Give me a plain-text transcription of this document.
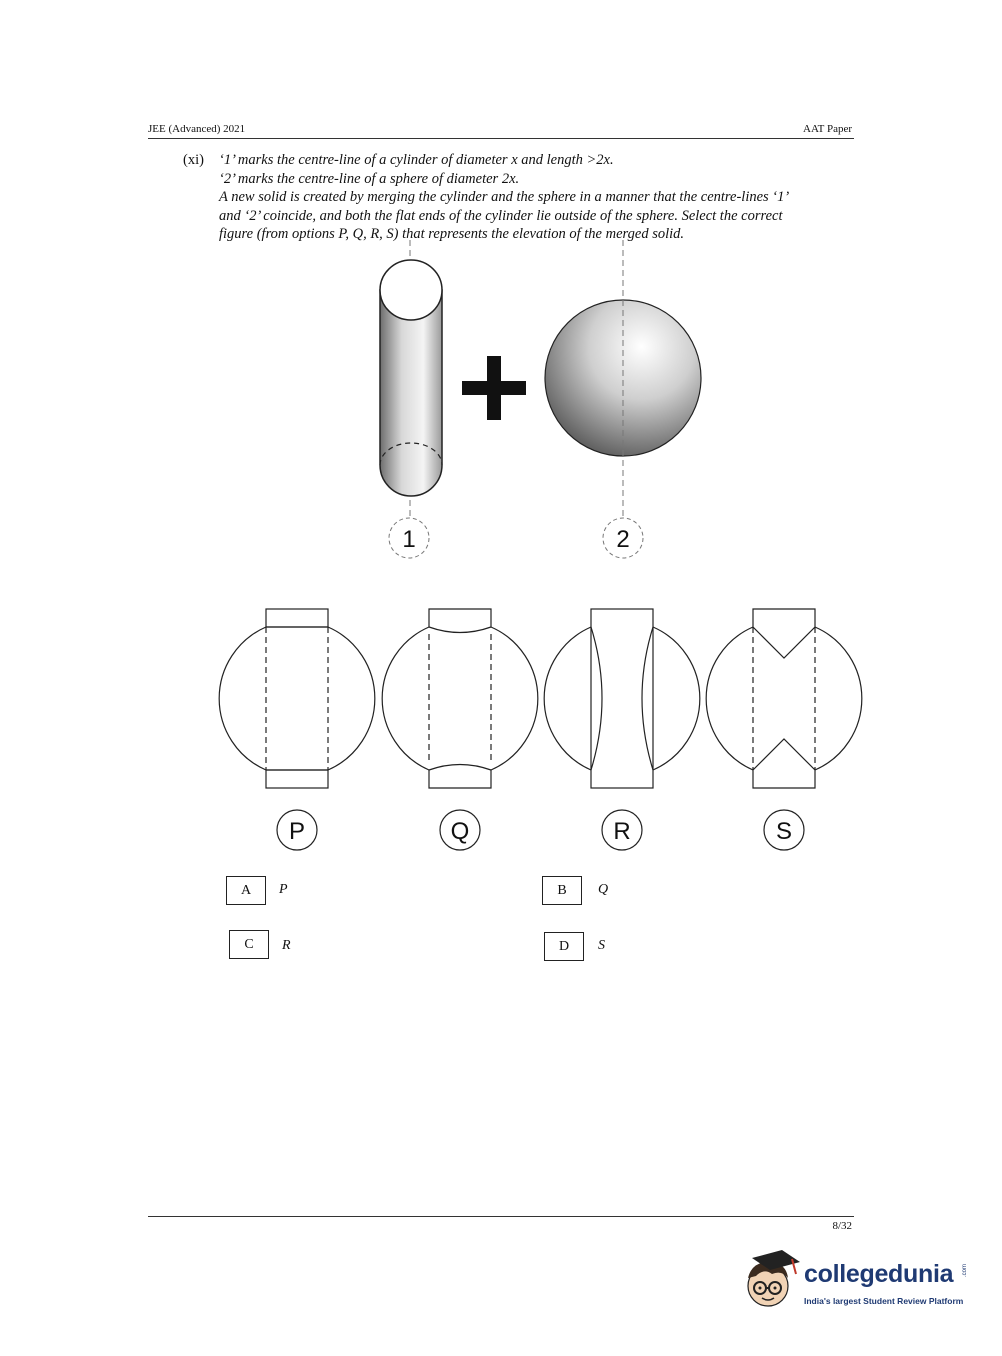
JEE (Advanced) 2021	AAT Paper
(xi) ‘1’ marks the centre-line of a cylinder of diameter x and length >2x.
‘2’ marks the centre-line of a sphere of diameter 2x.
A new solid is created by merging the cylinder and the sphere in a manner that the centre-lines ‘1’
and ‘2’ coincide, and both the flat ends of the cylinder lie outside of the sphere. Select the correct
figure (from options P, Q, R, S) that represents the elevation of the merged solid.
1	2
P	Q	R	S
A	P	B	Q
C	R	D	S
8/32
collegedunia .com
India's largest Student Review Platform
